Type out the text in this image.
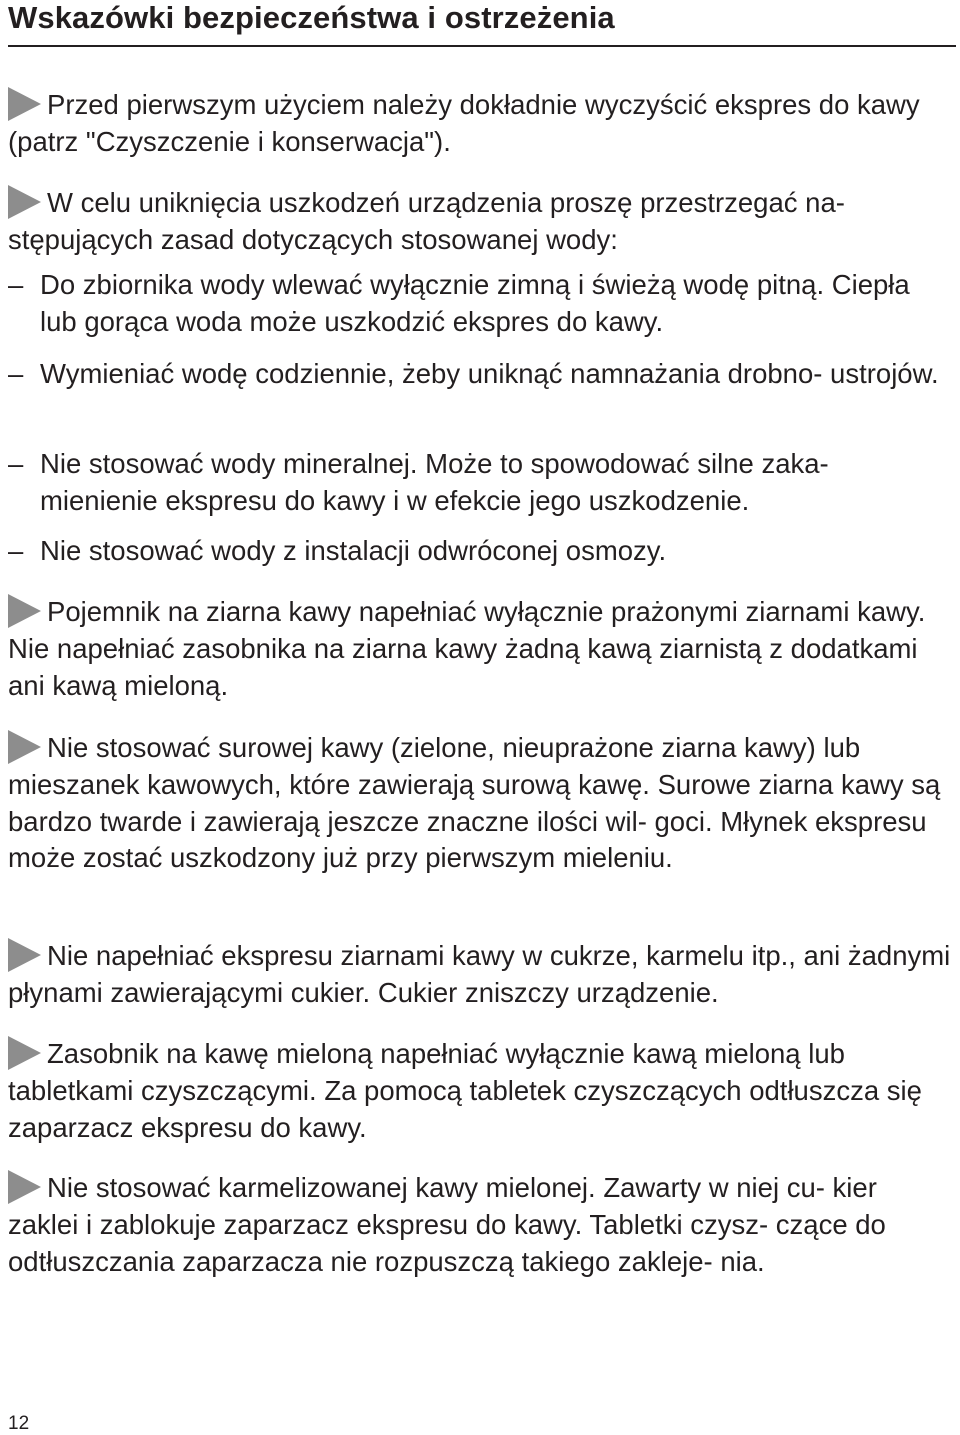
Wskazówki bezpieczeństwa i ostrzeżenia

Przed pierwszym użyciem należy dokładnie wyczyścić ekspres do kawy (patrz "Czyszczenie i konserwacja").

W celu uniknięcia uszkodzeń urządzenia proszę przestrzegać na- stępujących zasad dotyczących stosowanej wody:

– Do zbiornika wody wlewać wyłącznie zimną i świeżą wodę pitną. Ciepła lub gorąca woda może uszkodzić ekspres do kawy.
– Wymieniać wodę codziennie, żeby uniknąć namnażania drobno- ustrojów.
– Nie stosować wody mineralnej. Może to spowodować silne zaka- mienienie ekspresu do kawy i w efekcie jego uszkodzenie.
– Nie stosować wody z instalacji odwróconej osmozy.

Pojemnik na ziarna kawy napełniać wyłącznie prażonymi ziarnami kawy. Nie napełniać zasobnika na ziarna kawy żadną kawą ziarnistą z dodatkami ani kawą mieloną.

Nie stosować surowej kawy (zielone, nieuprażone ziarna kawy) lub mieszanek kawowych, które zawierają surową kawę. Surowe ziarna kawy są bardzo twarde i zawierają jeszcze znaczne ilości wil- goci. Młynek ekspresu może zostać uszkodzony już przy pierwszym mieleniu.

Nie napełniać ekspresu ziarnami kawy w cukrze, karmelu itp., ani żadnymi płynami zawierającymi cukier. Cukier zniszczy urządzenie.

Zasobnik na kawę mieloną napełniać wyłącznie kawą mieloną lub tabletkami czyszczącymi. Za pomocą tabletek czyszczących odtłuszcza się zaparzacz ekspresu do kawy.

Nie stosować karmelizowanej kawy mielonej. Zawarty w niej cu- kier zaklei i zablokuje zaparzacz ekspresu do kawy. Tabletki czysz- czące do odtłuszczania zaparzacza nie rozpuszczą takiego zakleje- nia.

12
